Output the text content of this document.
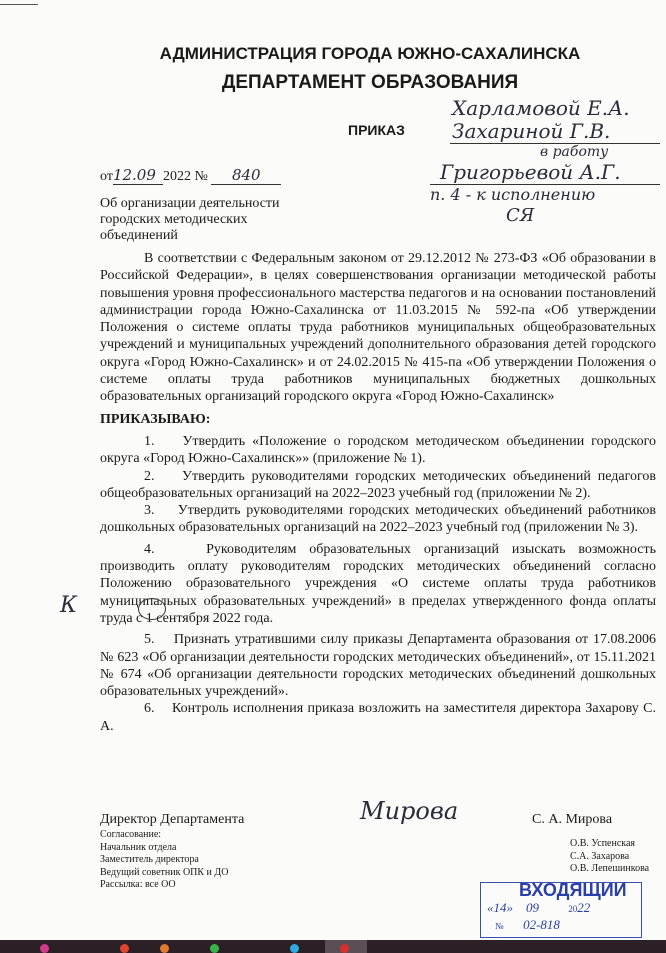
АДМИНИСТРАЦИЯ ГОРОДА ЮЖНО-САХАЛИНСКА
ДЕПАРТАМЕНТ ОБРАЗОВАНИЯ
ПРИКАЗ
Харламовой Е.А.
Захариной Г.В.
в работу
Григорьевой А.Г.
п. 4 - к исполнению
СЯ
от12.09 2022 № 840
Об организации деятельности городских методических объединений

В соответствии с Федеральным законом от 29.12.2012 № 273-ФЗ «Об образовании в Российской Федерации», в целях совершенствования организации методической работы повышения уровня профессионального мастерства педагогов и на основании постановлений администрации города Южно-Сахалинска от 11.03.2015 № 592-па «Об утверждении Положения о системе оплаты труда работников муниципальных общеобразовательных учреждений и муниципальных учреждений дополнительного образования детей городского округа «Город Южно-Сахалинск» и от 24.02.2015 № 415-па «Об утверждении Положения о системе оплаты труда работников муниципальных бюджетных дошкольных образовательных организаций городского округа «Город Южно-Сахалинск»

ПРИКАЗЫВАЮ:

1.    Утвердить «Положение о городском методическом объединении городского округа «Город Южно-Сахалинск»» (приложение № 1).

2.    Утвердить руководителями городских методических объединений педагогов общеобразовательных организаций на 2022–2023 учебный год (приложении № 2).

3.    Утвердить руководителями городских методических объединений работников дошкольных образовательных организаций на 2022–2023 учебный год (приложении № 3).

4.    Руководителям образовательных организаций изыскать возможность производить оплату руководителям городских методических объединений согласно Положению образовательного учреждения «О системе оплаты труда работников муниципальных образовательных учреждений» в пределах утвержденного фонда оплаты труда с 1 сентября 2022 года.

5.    Признать утратившими силу приказы Департамента образования от 17.08.2006 № 623 «Об организации деятельности городских методических объединений», от 15.11.2021 № 674 «Об организации деятельности городских методических объединений дошкольных образовательных учреждений».

6.    Контроль исполнения приказа возложить на заместителя директора Захарову С. А.

К
Директор Департамента	Мирова	С. А. Мирова
Согласование:
Начальник отдела
Заместитель директора
Ведущий советник ОПК и ДО
Рассылка: все ОО
О.В. Успенская
С.А. Захарова
О.В. Лепешинкова
ВХОДЯЩИИ
«14»    09	2022
№ 02-818
